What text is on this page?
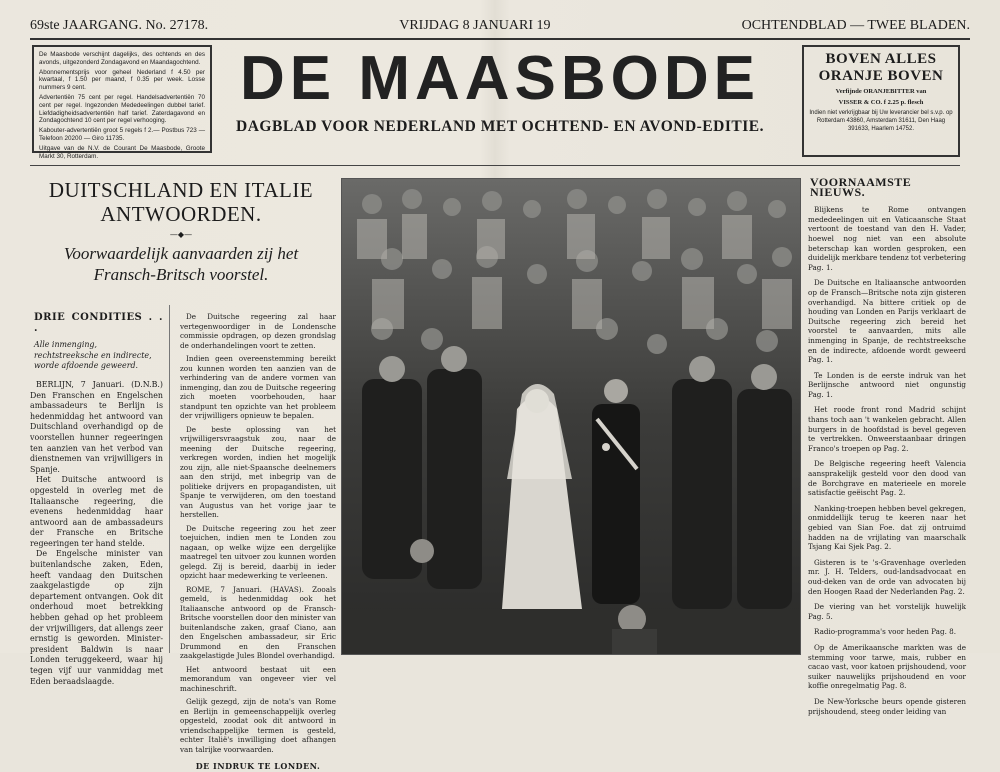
69ste JAARGANG. No. 27178.	VRIJDAG 8 JANUARI 19	OCHTENDBLAD — TWEE BLADEN.

De Maasbode verschijnt dagelijks, des ochtends en des avonds, uitgezonderd Zondagavond en Maandagochtend.

Abonnementsprijs voor geheel Nederland f 4.50 per kwartaal, f 1.50 per maand, f 0.35 per week. Losse nummers 9 cent.

Advertentiën 75 cent per regel. Handelsadvertentiën 70 cent per regel. Ingezonden Mededeelingen dubbel tarief. Liefdadigheidsadvertentiën half tarief. Zaterdagavond en Zondagochtend 10 cent per regel verhooging.

Kabouter-advertentiën groot 5 regels f 2.— Postbus 723 — Telefoon 20200 — Giro 11735.

Uitgave van de N.V. de Courant De Maasbode, Groote Markt 30, Rotterdam.

DE MAASBODE
DAGBLAD VOOR NEDERLAND MET OCHTEND- EN AVOND-EDITIE.
BOVEN ALLES
ORANJE BOVEN
Verfijnde ORANJEBITTER van
VISSER & CO. f 2.25 p. flesch
Indien niet verkrijgbaar bij Uw leverancier bel s.v.p. op Rotterdam 43860, Amsterdam 31611, Den Haag 391633, Haarlem 14752.
DUITSCHLAND EN ITALIE ANTWOORDEN.
—◆—
Voorwaardelijk aanvaarden zij het Fransch-Britsch voorstel.
DRIE CONDITIES . . .
Alle inmenging, rechtstreeksche en indirecte, worde afdoende geweerd.

BERLIJN, 7 Januari. (D.N.B.) Den Franschen en Engelschen ambassadeurs te Berlijn is hedenmiddag het antwoord van Duitschland overhandigd op de voorstellen hunner regeeringen ten aanzien van het verbod van dienstnemen van vrijwilligers in Spanje.

Het Duitsche antwoord is opgesteld in overleg met de Italiaansche regeering, die evenens hedenmiddag haar antwoord aan de ambassadeurs der Fransche en Britsche regeeringen ter hand stelde.

De Engelsche minister van buitenlandsche zaken, Eden, heeft vandaag den Duitschen zaakgelastigde op zijn departement ontvangen. Ook dit onderhoud moet betrekking hebben gehad op het probleem der vrijwilligers, dat allengs zeer ernstig is geworden. Minister-president Baldwin is naar Londen teruggekeerd, waar hij tegen vijf uur vanmiddag met Eden beraadslaagde.

De Duitsche regeering zal haar vertegenwoordiger in de Londensche commissie opdragen, op dezen grondslag de onderhandelingen voort te zetten.

Indien geen overeenstemming bereikt zou kunnen worden ten aanzien van de verhindering van de andere vormen van inmenging, dan zou de Duitsche regeering zich moeten voorbehouden, haar standpunt ten opzichte van het probleem der vrijwilligers opnieuw te bepalen.

De beste oplossing van het vrijwilligersvraagstuk zou, naar de meening der Duitsche regeering, verkregen worden, indien het mogelijk zou zijn, alle niet-Spaansche deelnemers aan den strijd, met inbegrip van de politieke drijvers en propagandisten, uit Spanje te verwijderen, om den toestand van Augustus van het vorige jaar te herstellen.

De Duitsche regeering zou het zeer toejuichen, indien men te Londen zou nagaan, op welke wijze een dergelijke maatregel ten uitvoer zou kunnen worden gelegd. Zij is bereid, daarbij in ieder opzicht haar medewerking te verleenen.

ROME, 7 Januari. (HAVAS). Zooals gemeld, is hedenmiddag ook het Italiaansche antwoord op de Fransch-Britsche voorstellen door den minister van buitenlandsche zaken, graaf Ciano, aan den Engelschen ambassadeur, sir Eric Drummond en den Franschen zaakgelastigde Jules Blondel overhandigd.

Het antwoord bestaat uit een memorandum van ongeveer vier vel machineschrift.

Gelijk gezegd, zijn de nota's van Rome en Berlijn in gemeenschappelijk overleg opgesteld, zoodat ook dit antwoord in vriendschappelijke termen is gesteld, echter Italië's inwilliging doet afhangen van talrijke voorwaarden.

DE INDRUK TE LONDEN.
VOORNAAMSTE NIEUWS.

Blijkens te Rome ontvangen mededeelingen uit en Vaticaansche Staat vertoont de toestand van den H. Vader, hoewel nog niet van een absolute beterschap kan worden gesproken, een duidelijk merkbare tendenz tot verbetering Pag. 1.

De Duitsche en Italiaansche antwoorden op de Fransch—Britsche nota zijn gisteren overhandigd. Na bittere critiek op de houding van Londen en Parijs verklaart de Duitsche regeering zich bereid het voorstel te aanvaarden, mits alle inmenging in Spanje, de rechtstreeksche en de indirecte, afdoende wordt geweerd Pag. 1.

Te Londen is de eerste indruk van het Berlijnsche antwoord niet ongunstig Pag. 1.

Het roode front rond Madrid schijnt thans toch aan 't wankelen gebracht. Allen burgers in de hoofdstad is bevel gegeven te vertrekken. Onweerstaanbaar dringen Franco's troepen op Pag. 2.

De Belgische regeering heeft Valencia aansprakelijk gesteld voor den dood van de Borchgrave en materieele en morele satisfactie geëischt Pag. 2.

Nanking-troepen hebben bevel gekregen, onmiddellijk terug te keeren naar het gebied van Sian Foe. dat zij ontruimd hadden na de vrijlating van maarschalk Tsjang Kai Sjek Pag. 2.

Gisteren is te 's-Gravenhage overleden mr. J. H. Telders, oud-landsadvocaat en oud-deken van de orde van advocaten bij den Hoogen Raad der Nederlanden Pag. 2.

De viering van het vorstelijk huwelijk Pag. 5.

Radio-programma's voor heden Pag. 8.

Op de Amerikaansche markten was de stemming voor tarwe, mais, rubber en cacao vast, voor katoen prijshoudend, voor suiker nauwelijks prijshoudend en voor koffie onregelmatig Pag. 8.

De New-Yorksche beurs opende gisteren prijshoudend, steeg onder leiding van
